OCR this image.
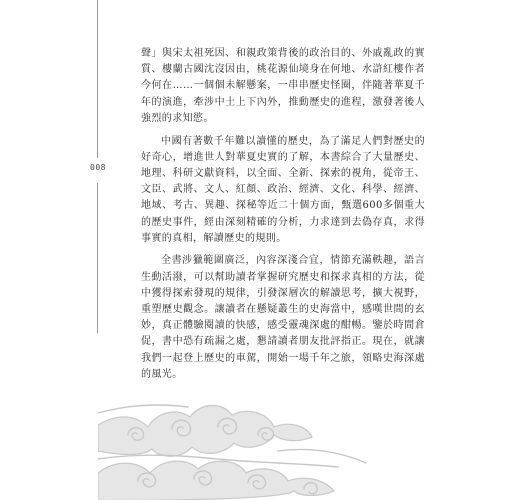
008

聲」與宋太祖死因、和親政策背後的政治目的、外戚亂政的實質、樓蘭古國沈沒因由，桃花源仙境身在何地、水滸紅樓作者今何在……一個個未解懸案，一串串歷史怪圈，伴隨著華夏千年的演進，牽涉中土上下內外，推動歷史的進程，激發著後人強烈的求知慾。

中國有著數千年難以讀懂的歷史，為了滿足人們對歷史的好奇心，增進世人對華夏史實的了解，本書綜合了大量歷史、地理、科研文獻資料，以全面、全新、探索的視角，從帝王、文臣、武將、文人、紅顏、政治、經濟、文化、科學、經濟、地域、考古、異趣、探秘等近二十個方面，甄選600多個重大的歷史事件，經由深刻精確的分析，力求達到去偽存真，求得事實的真相，解讀歷史的規則。

全書涉獵範圍廣泛，內容深淺合宜，情節充滿軼趣，語言生動活潑，可以幫助讀者掌握研究歷史和探求真相的方法，從中獲得探索發現的規律，引發深層次的解讀思考，擴大視野，重塑歷史觀念。讓讀者在懸疑叢生的史海當中，感嘆世間的玄妙，真正體驗閱讀的快感，感受靈魂深處的酣暢。鑒於時間倉促，書中恐有疏漏之處，懇請讀者朋友批評指正。現在，就讓我們一起登上歷史的車駕，開始一場千年之旅，領略史海深處的風光。
